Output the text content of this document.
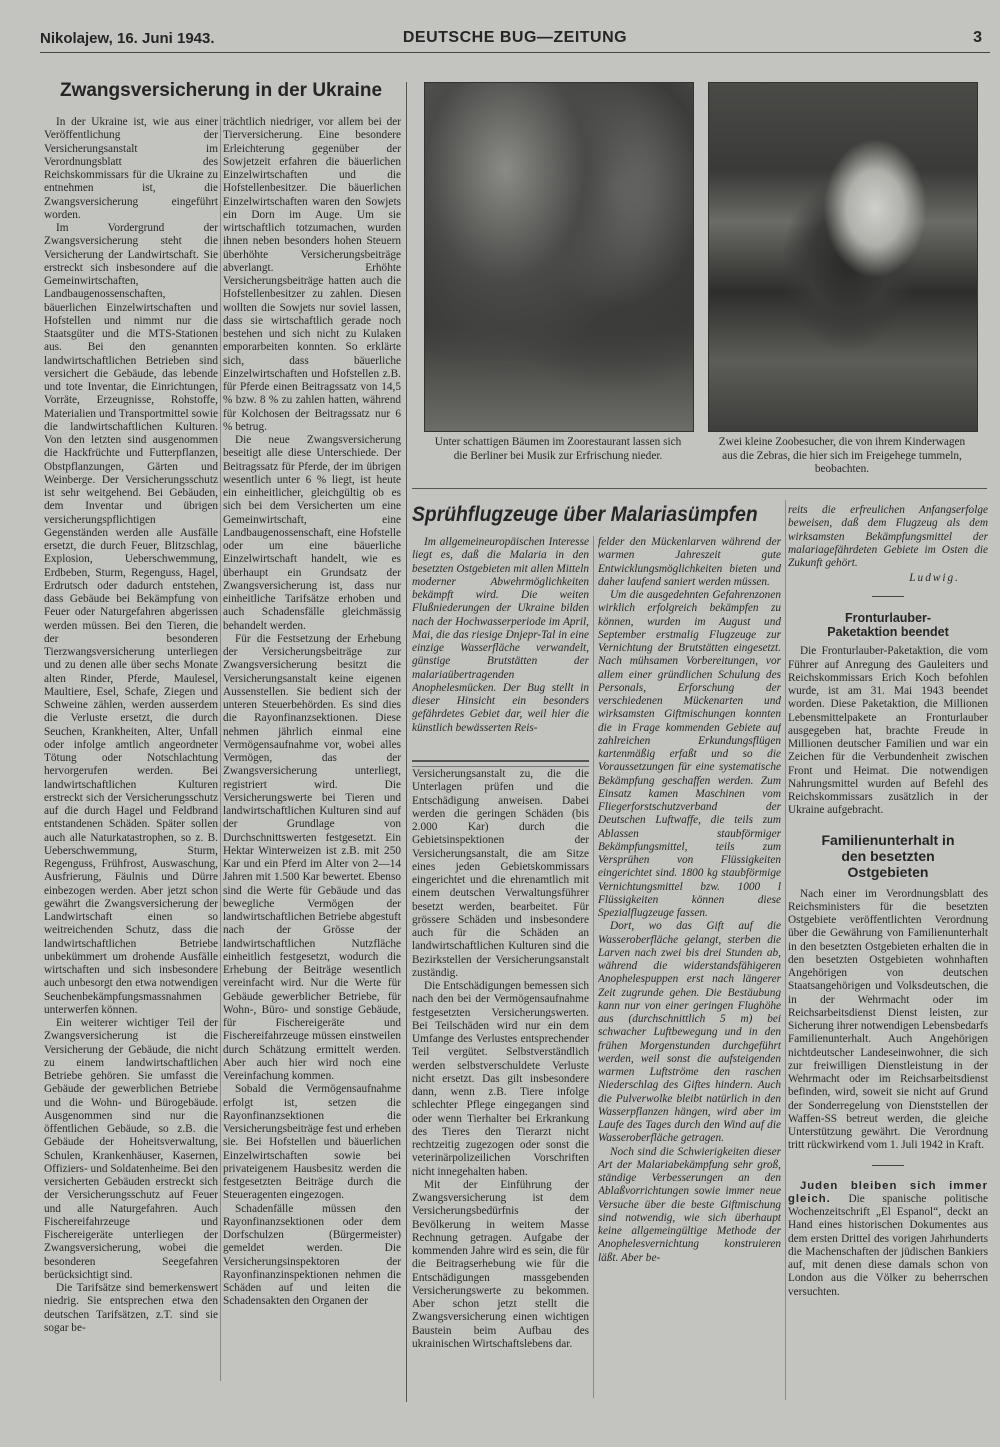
Nikolajew, 16. Juni 1943.	DEUTSCHE BUG—ZEITUNG	3
Zwangsversicherung in der Ukraine

In der Ukraine ist, wie aus einer Veröffentlichung der Versicherungsanstalt im Verordnungsblatt des Reichskommissars für die Ukraine zu entnehmen ist, die Zwangsversicherung eingeführt worden.

Im Vordergrund der Zwangsversicherung steht die Versicherung der Landwirtschaft. Sie erstreckt sich insbesondere auf die Gemeinwirtschaften, Landbaugenossenschaften, bäuerlichen Einzelwirtschaften und Hofstellen und nimmt nur die Staatsgüter und die MTS-Stationen aus. Bei den genannten landwirtschaftlichen Betrieben sind versichert die Gebäude, das lebende und tote Inventar, die Einrichtungen, Vorräte, Erzeugnisse, Rohstoffe, Materialien und Transportmittel sowie die landwirtschaftlichen Kulturen. Von den letzten sind ausgenommen die Hackfrüchte und Futterpflanzen, Obstpflanzungen, Gärten und Weinberge. Der Versicherungsschutz ist sehr weitgehend. Bei Gebäuden, dem Inventar und übrigen versicherungspflichtigen Gegenständen werden alle Ausfälle ersetzt, die durch Feuer, Blitzschlag, Explosion, Ueberschwemmung, Erdbeben, Sturm, Regenguss, Hagel, Erdrutsch oder dadurch entstehen, dass Gebäude bei Bekämpfung von Feuer oder Naturgefahren abgerissen werden müssen. Bei den Tieren, die der besonderen Tierzwangsversicherung unterliegen und zu denen alle über sechs Monate alten Rinder, Pferde, Maulesel, Maultiere, Esel, Schafe, Ziegen und Schweine zählen, werden ausserdem die Verluste ersetzt, die durch Seuchen, Krankheiten, Alter, Unfall oder infolge amtlich angeordneter Tötung oder Notschlachtung hervorgerufen werden. Bei landwirtschaftlichen Kulturen erstreckt sich der Versicherungsschutz auf die durch Hagel und Feldbrand entstandenen Schäden. Später sollen auch alle Naturkatastrophen, so z. B. Ueberschwemmung, Sturm, Regenguss, Frühfrost, Auswaschung, Ausfrierung, Fäulnis und Dürre einbezogen werden. Aber jetzt schon gewährt die Zwangsversicherung der Landwirtschaft einen so weitreichenden Schutz, dass die landwirtschaftlichen Betriebe unbekümmert um drohende Ausfälle wirtschaften und sich insbesondere auch unbesorgt den etwa notwendigen Seuchenbekämpfungsmassnahmen unterwerfen können.

Ein weiterer wichtiger Teil der Zwangsversicherung ist die Versicherung der Gebäude, die nicht zu einem landwirtschaftlichen Betriebe gehören. Sie umfasst die Gebäude der gewerblichen Betriebe und die Wohn- und Bürogebäude. Ausgenommen sind nur die öffentlichen Gebäude, so z.B. die Gebäude der Hoheitsverwaltung, Schulen, Krankenhäuser, Kasernen, Offiziers- und Soldatenheime. Bei den versicherten Gebäuden erstreckt sich der Versicherungsschutz auf Feuer und alle Naturgefahren. Auch Fischereifahrzeuge und Fischereigeräte unterliegen der Zwangsversicherung, wobei die besonderen Seegefahren berücksichtigt sind.

Die Tarifsätze sind bemerkenswert niedrig. Sie entsprechen etwa den deutschen Tarifsätzen, z.T. sind sie sogar be-

trächtlich niedriger, vor allem bei der Tierversicherung. Eine besondere Erleichterung gegenüber der Sowjetzeit erfahren die bäuerlichen Einzelwirtschaften und die Hofstellenbesitzer. Die bäuerlichen Einzelwirtschaften waren den Sowjets ein Dorn im Auge. Um sie wirtschaftlich totzumachen, wurden ihnen neben besonders hohen Steuern überhöhte Versicherungsbeiträge abverlangt. Erhöhte Versicherungsbeiträge hatten auch die Hofstellenbesitzer zu zahlen. Diesen wollten die Sowjets nur soviel lassen, dass sie wirtschaftlich gerade noch bestehen und sich nicht zu Kulaken emporarbeiten konnten. So erklärte sich, dass bäuerliche Einzelwirtschaften und Hofstellen z.B. für Pferde einen Beitragssatz von 14,5 % bzw. 8 % zu zahlen hatten, während für Kolchosen der Beitragssatz nur 6 % betrug.

Die neue Zwangsversicherung beseitigt alle diese Unterschiede. Der Beitragssatz für Pferde, der im übrigen wesentlich unter 6 % liegt, ist heute ein einheitlicher, gleichgültig ob es sich bei dem Versicherten um eine Gemeinwirtschaft, eine Landbaugenossenschaft, eine Hofstelle oder um eine bäuerliche Einzelwirtschaft handelt, wie es überhaupt ein Grundsatz der Zwangsversicherung ist, dass nur einheitliche Tarifsätze erhoben und auch Schadensfälle gleichmässig behandelt werden.

Für die Festsetzung der Erhebung der Versicherungsbeiträge zur Zwangsversicherung besitzt die Versicherungsanstalt keine eigenen Aussenstellen. Sie bedient sich der unteren Steuerbehörden. Es sind dies die Rayonfinanzsektionen. Diese nehmen jährlich einmal eine Vermögensaufnahme vor, wobei alles Vermögen, das der Zwangsversicherung unterliegt, registriert wird. Die Versicherungswerte bei Tieren und landwirtschaftlichen Kulturen sind auf der Grundlage von Durchschnittswerten festgesetzt. Ein Hektar Winterweizen ist z.B. mit 250 Kar und ein Pferd im Alter von 2—14 Jahren mit 1.500 Kar bewertet. Ebenso sind die Werte für Gebäude und das bewegliche Vermögen der landwirtschaftlichen Betriebe abgestuft nach der Grösse der landwirtschaftlichen Nutzfläche einheitlich festgesetzt, wodurch die Erhebung der Beiträge wesentlich vereinfacht wird. Nur die Werte für Gebäude gewerblicher Betriebe, für Wohn-, Büro- und sonstige Gebäude, für Fischereigeräte und Fischereifahrzeuge müssen einstweilen durch Schätzung ermittelt werden. Aber auch hier wird noch eine Vereinfachung kommen.

Sobald die Vermögensaufnahme erfolgt ist, setzen die Rayonfinanzsektionen die Versicherungsbeiträge fest und erheben sie. Bei Hofstellen und bäuerlichen Einzelwirtschaften sowie bei privateigenem Hausbesitz werden die festgesetzten Beiträge durch die Steueragenten eingezogen.

Schadenfälle müssen den Rayonfinanzsektionen oder dem Dorfschulzen (Bürgermeister) gemeldet werden. Die Versicherungsinspektoren der Rayonfinanzinspektionen nehmen die Schäden auf und leiten die Schadensakten den Organen der

Unter schattigen Bäumen im Zoorestaurant lassen sich die Berliner bei Musik zur Erfrischung nieder.
Zwei kleine Zoobesucher, die von ihrem Kinderwagen aus die Zebras, die hier sich im Freigehege tummeln, beobachten.
Sprühflugzeuge über Malariasümpfen

Im allgemeineuropäischen Interesse liegt es, daß die Malaria in den besetzten Ostgebieten mit allen Mitteln moderner Abwehrmöglichkeiten bekämpft wird. Die weiten Flußniederungen der Ukraine bilden nach der Hochwasserperiode im April, Mai, die das riesige Dnjepr-Tal in eine einzige Wasserfläche verwandelt, günstige Brutstätten der malariaübertragenden Anophelesmücken. Der Bug stellt in dieser Hinsicht ein besonders gefährdetes Gebiet dar, weil hier die künstlich bewässerten Reis-

Versicherungsanstalt zu, die die Unterlagen prüfen und die Entschädigung anweisen. Dabei werden die geringen Schäden (bis 2.000 Kar) durch die Gebietsinspektionen der Versicherungsanstalt, die am Sitze eines jeden Gebietskommissars eingerichtet und die ehrenamtlich mit einem deutschen Verwaltungsführer besetzt werden, bearbeitet. Für grössere Schäden und insbesondere auch für die Schäden an landwirtschaftlichen Kulturen sind die Bezirkstellen der Versicherungsanstalt zuständig.

Die Entschädigungen bemessen sich nach den bei der Vermögensaufnahme festgesetzten Versicherungswerten. Bei Teilschäden wird nur ein dem Umfange des Verlustes entsprechender Teil vergütet. Selbstverständlich werden selbstverschuldete Verluste nicht ersetzt. Das gilt insbesondere dann, wenn z.B. Tiere infolge schlechter Pflege eingegangen sind oder wenn Tierhalter bei Erkrankung des Tieres den Tierarzt nicht rechtzeitig zugezogen oder sonst die veterinärpolizeilichen Vorschriften nicht innegehalten haben.

Mit der Einführung der Zwangsversicherung ist dem Versicherungsbedürfnis der Bevölkerung in weitem Masse Rechnung getragen. Aufgabe der kommenden Jahre wird es sein, die für die Beitragserhebung wie für die Entschädigungen massgebenden Versicherungswerte zu bekommen. Aber schon jetzt stellt die Zwangsversicherung einen wichtigen Baustein beim Aufbau des ukrainischen Wirtschaftslebens dar.

felder den Mückenlarven während der warmen Jahreszeit gute Entwicklungsmöglichkeiten bieten und daher laufend saniert werden müssen.

Um die ausgedehnten Gefahrenzonen wirklich erfolgreich bekämpfen zu können, wurden im August und September erstmalig Flugzeuge zur Vernichtung der Brutstätten eingesetzt. Nach mühsamen Vorbereitungen, vor allem einer gründlichen Schulung des Personals, Erforschung der verschiedenen Mückenarten und wirksamsten Giftmischungen konnten die in Frage kommenden Gebiete auf zahlreichen Erkundungsflügen kartenmäßig erfaßt und so die Voraussetzungen für eine systematische Bekämpfung geschaffen werden. Zum Einsatz kamen Maschinen vom Fliegerforstschutzverband der Deutschen Luftwaffe, die teils zum Ablassen staubförmiger Bekämpfungsmittel, teils zum Versprühen von Flüssigkeiten eingerichtet sind. 1800 kg staubförmige Vernichtungsmittel bzw. 1000 l Flüssigkeiten können diese Spezialflugzeuge fassen.

Dort, wo das Gift auf die Wasseroberfläche gelangt, sterben die Larven nach zwei bis drei Stunden ab, während die widerstandsfähigeren Anophelespuppen erst nach längerer Zeit zugrunde gehen. Die Bestäubung kann nur von einer geringen Flughöhe aus (durchschnittlich 5 m) bei schwacher Luftbewegung und in den frühen Morgenstunden durchgeführt werden, weil sonst die aufsteigenden warmen Luftströme den raschen Niederschlag des Giftes hindern. Auch die Pulverwolke bleibt natürlich in den Wasserpflanzen hängen, wird aber im Laufe des Tages durch den Wind auf die Wasseroberfläche getragen.

Noch sind die Schwierigkeiten dieser Art der Malariabekämpfung sehr groß, ständige Verbesserungen an den Ablaßvorrichtungen sowie immer neue Versuche über die beste Giftmischung sind notwendig, wie sich überhaupt keine allgemeingültige Methode der Anophelesvernichtung konstruieren läßt. Aber be-

reits die erfreulichen Anfangserfolge beweisen, daß dem Flugzeug als dem wirksamsten Bekämpfungsmittel der malariagefährdeten Gebiete im Osten die Zukunft gehört.

Ludwig.
Fronturlauber-Paketaktion beendet

Die Fronturlauber-Paketaktion, die vom Führer auf Anregung des Gauleiters und Reichskommissars Erich Koch befohlen wurde, ist am 31. Mai 1943 beendet worden. Diese Paketaktion, die Millionen Lebensmittelpakete an Fronturlauber ausgegeben hat, brachte Freude in Millionen deutscher Familien und war ein Zeichen für die Verbundenheit zwischen Front und Heimat. Die notwendigen Nahrungsmittel wurden auf Befehl des Reichskommissars zusätzlich in der Ukraine aufgebracht.

Familienunterhalt in den besetzten Ostgebieten

Nach einer im Verordnungsblatt des Reichsministers für die besetzten Ostgebiete veröffentlichten Verordnung über die Gewährung von Familienunterhalt in den besetzten Ostgebieten erhalten die in den besetzten Ostgebieten wohnhaften Angehörigen von deutschen Staatsangehörigen und Volksdeutschen, die in der Wehrmacht oder im Reichsarbeitsdienst Dienst leisten, zur Sicherung ihrer notwendigen Lebensbedarfs Familienunterhalt. Auch Angehörigen nichtdeutscher Landeseinwohner, die sich zur freiwilligen Dienstleistung in der Wehrmacht oder im Reichsarbeitsdienst befinden, wird, soweit sie nicht auf Grund der Sonderregelung von Dienststellen der Waffen-SS betreut werden, die gleiche Unterstützung gewährt. Die Verordnung tritt rückwirkend vom 1. Juli 1942 in Kraft.

Juden bleiben sich immer gleich. Die spanische politische Wochenzeitschrift „El Espanol“, deckt an Hand eines historischen Dokumentes aus dem ersten Drittel des vorigen Jahrhunderts die Machenschaften der jüdischen Bankiers auf, mit denen diese damals schon von London aus die Völker zu beherrschen versuchten.
